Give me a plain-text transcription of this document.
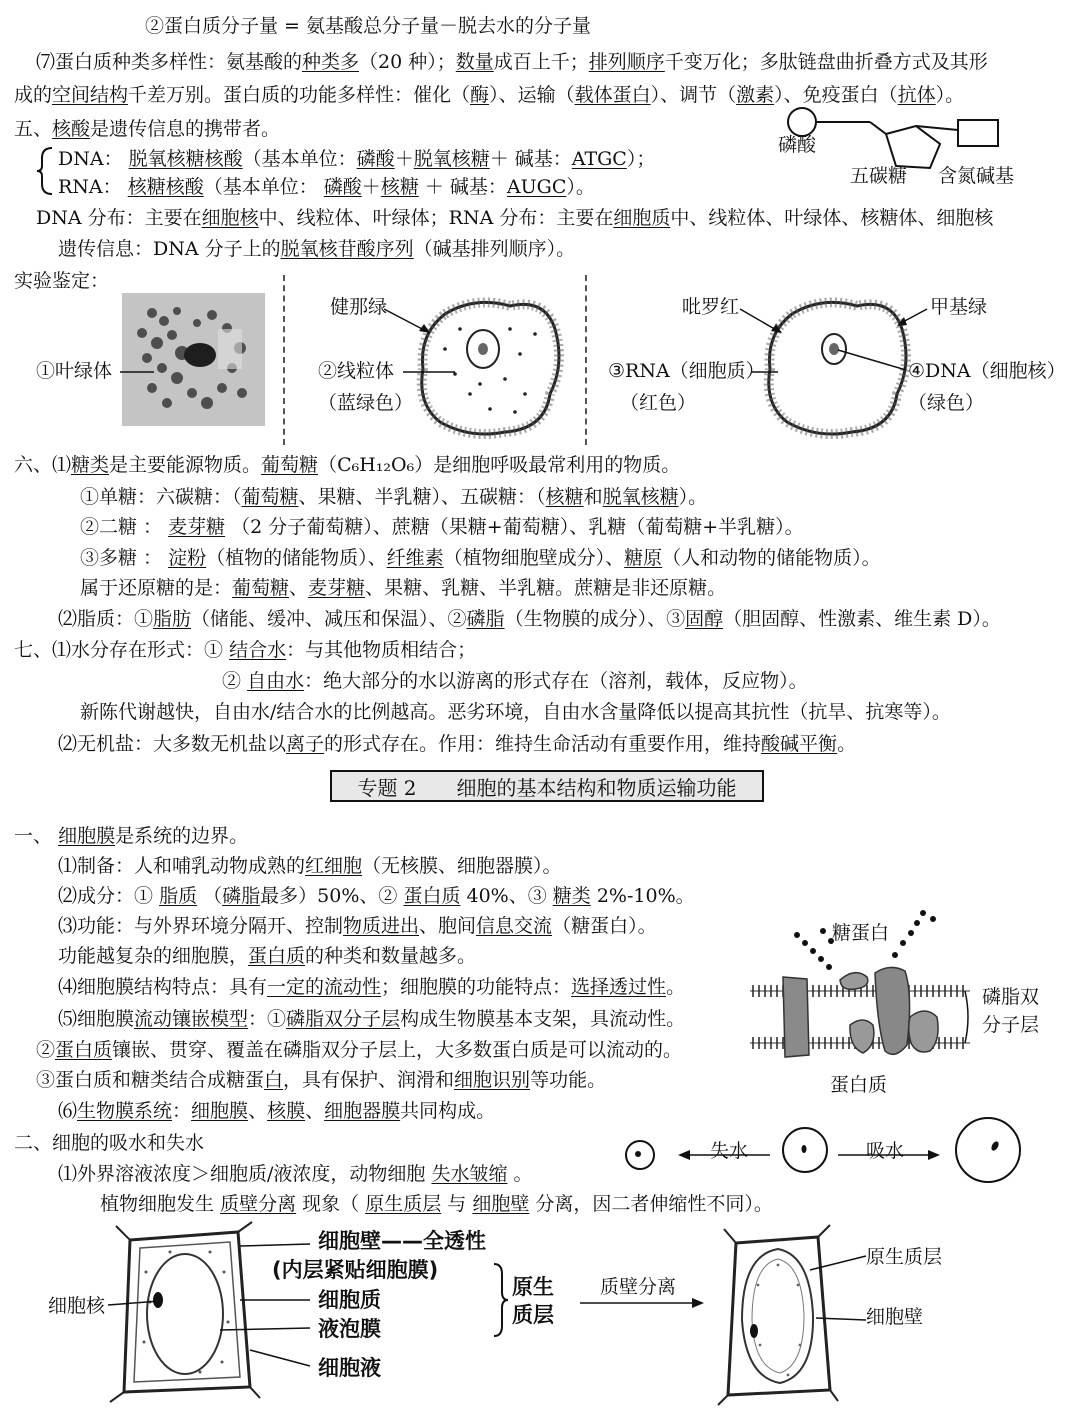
②蛋白质分子量 = 氨基酸总分子量－脱去水的分子量
⑺蛋白质种类多样性：氨基酸的种类多（20 种）；数量成百上千；排列顺序千变万化；多肽链盘曲折叠方式及其形
成的空间结构千差万别。蛋白质的功能多样性：催化（酶）、运输（载体蛋白）、调节（激素）、免疫蛋白（抗体）。
五、核酸是遗传信息的携带者。
DNA： 脱氧核糖核酸（基本单位：磷酸＋脱氧核糖＋ 碱基：ATGC）；
RNA： 核糖核酸（基本单位： 磷酸＋核糖 ＋ 碱基：AUGC）。
磷酸
五碳糖 含氮碱基
DNA 分布：主要在细胞核中、线粒体、叶绿体；RNA 分布：主要在细胞质中、线粒体、叶绿体、核糖体、细胞核
遗传信息：DNA 分子上的脱氧核苷酸序列（碱基排列顺序）。
实验鉴定：
①叶绿体
健那绿
②线粒体
（蓝绿色）
吡罗红	甲基绿
③RNA（细胞质）	④DNA（细胞核）
（红色）	（绿色）
六、⑴糖类是主要能源物质。葡萄糖（C₆H₁₂O₆）是细胞呼吸最常利用的物质。
①单糖：六碳糖：（葡萄糖、果糖、半乳糖）、五碳糖：（核糖和脱氧核糖）。
②二糖 ： 麦芽糖 （2 分子葡萄糖）、蔗糖（果糖+葡萄糖）、乳糖（葡萄糖+半乳糖）。
③多糖 ： 淀粉（植物的储能物质）、纤维素（植物细胞壁成分）、糖原（人和动物的储能物质）。
属于还原糖的是：葡萄糖、麦芽糖、果糖、乳糖、半乳糖。蔗糖是非还原糖。
⑵脂质：①脂肪（储能、缓冲、减压和保温）、②磷脂（生物膜的成分）、③固醇（胆固醇、性激素、维生素 D）。
七、⑴水分存在形式：① 结合水：与其他物质相结合；
② 自由水：绝大部分的水以游离的形式存在（溶剂，载体，反应物）。
新陈代谢越快，自由水/结合水的比例越高。恶劣环境，自由水含量降低以提高其抗性（抗旱、抗寒等）。
⑵无机盐：大多数无机盐以离子的形式存在。作用：维持生命活动有重要作用，维持酸碱平衡。
专题 2 细胞的基本结构和物质运输功能
一、 细胞膜是系统的边界。
⑴制备：人和哺乳动物成熟的红细胞（无核膜、细胞器膜）。
⑵成分：① 脂质 （磷脂最多）50%、② 蛋白质 40%、③ 糖类 2%-10%。
⑶功能：与外界环境分隔开、控制物质进出、胞间信息交流（糖蛋白）。
功能越复杂的细胞膜，蛋白质的种类和数量越多。
⑷细胞膜结构特点：具有一定的流动性；细胞膜的功能特点：选择透过性。
⑸细胞膜流动镶嵌模型：①磷脂双分子层构成生物膜基本支架，具流动性。
②蛋白质镶嵌、贯穿、覆盖在磷脂双分子层上，大多数蛋白质是可以流动的。
③蛋白质和糖类结合成糖蛋白，具有保护、润滑和细胞识别等功能。
⑹生物膜系统：细胞膜、核膜、细胞器膜共同构成。
糖蛋白
磷脂双
分子层
蛋白质
二、细胞的吸水和失水
⑴外界溶液浓度＞细胞质/液浓度，动物细胞 失水皱缩 。
植物细胞发生 质壁分离 现象（ 原生质层 与 细胞壁 分离，因二者伸缩性不同）。
失水	吸水
细胞核
细胞壁——全透性
(内层紧贴细胞膜)
细胞质
液泡膜
细胞液
原生
质层
质壁分离
原生质层
细胞壁
